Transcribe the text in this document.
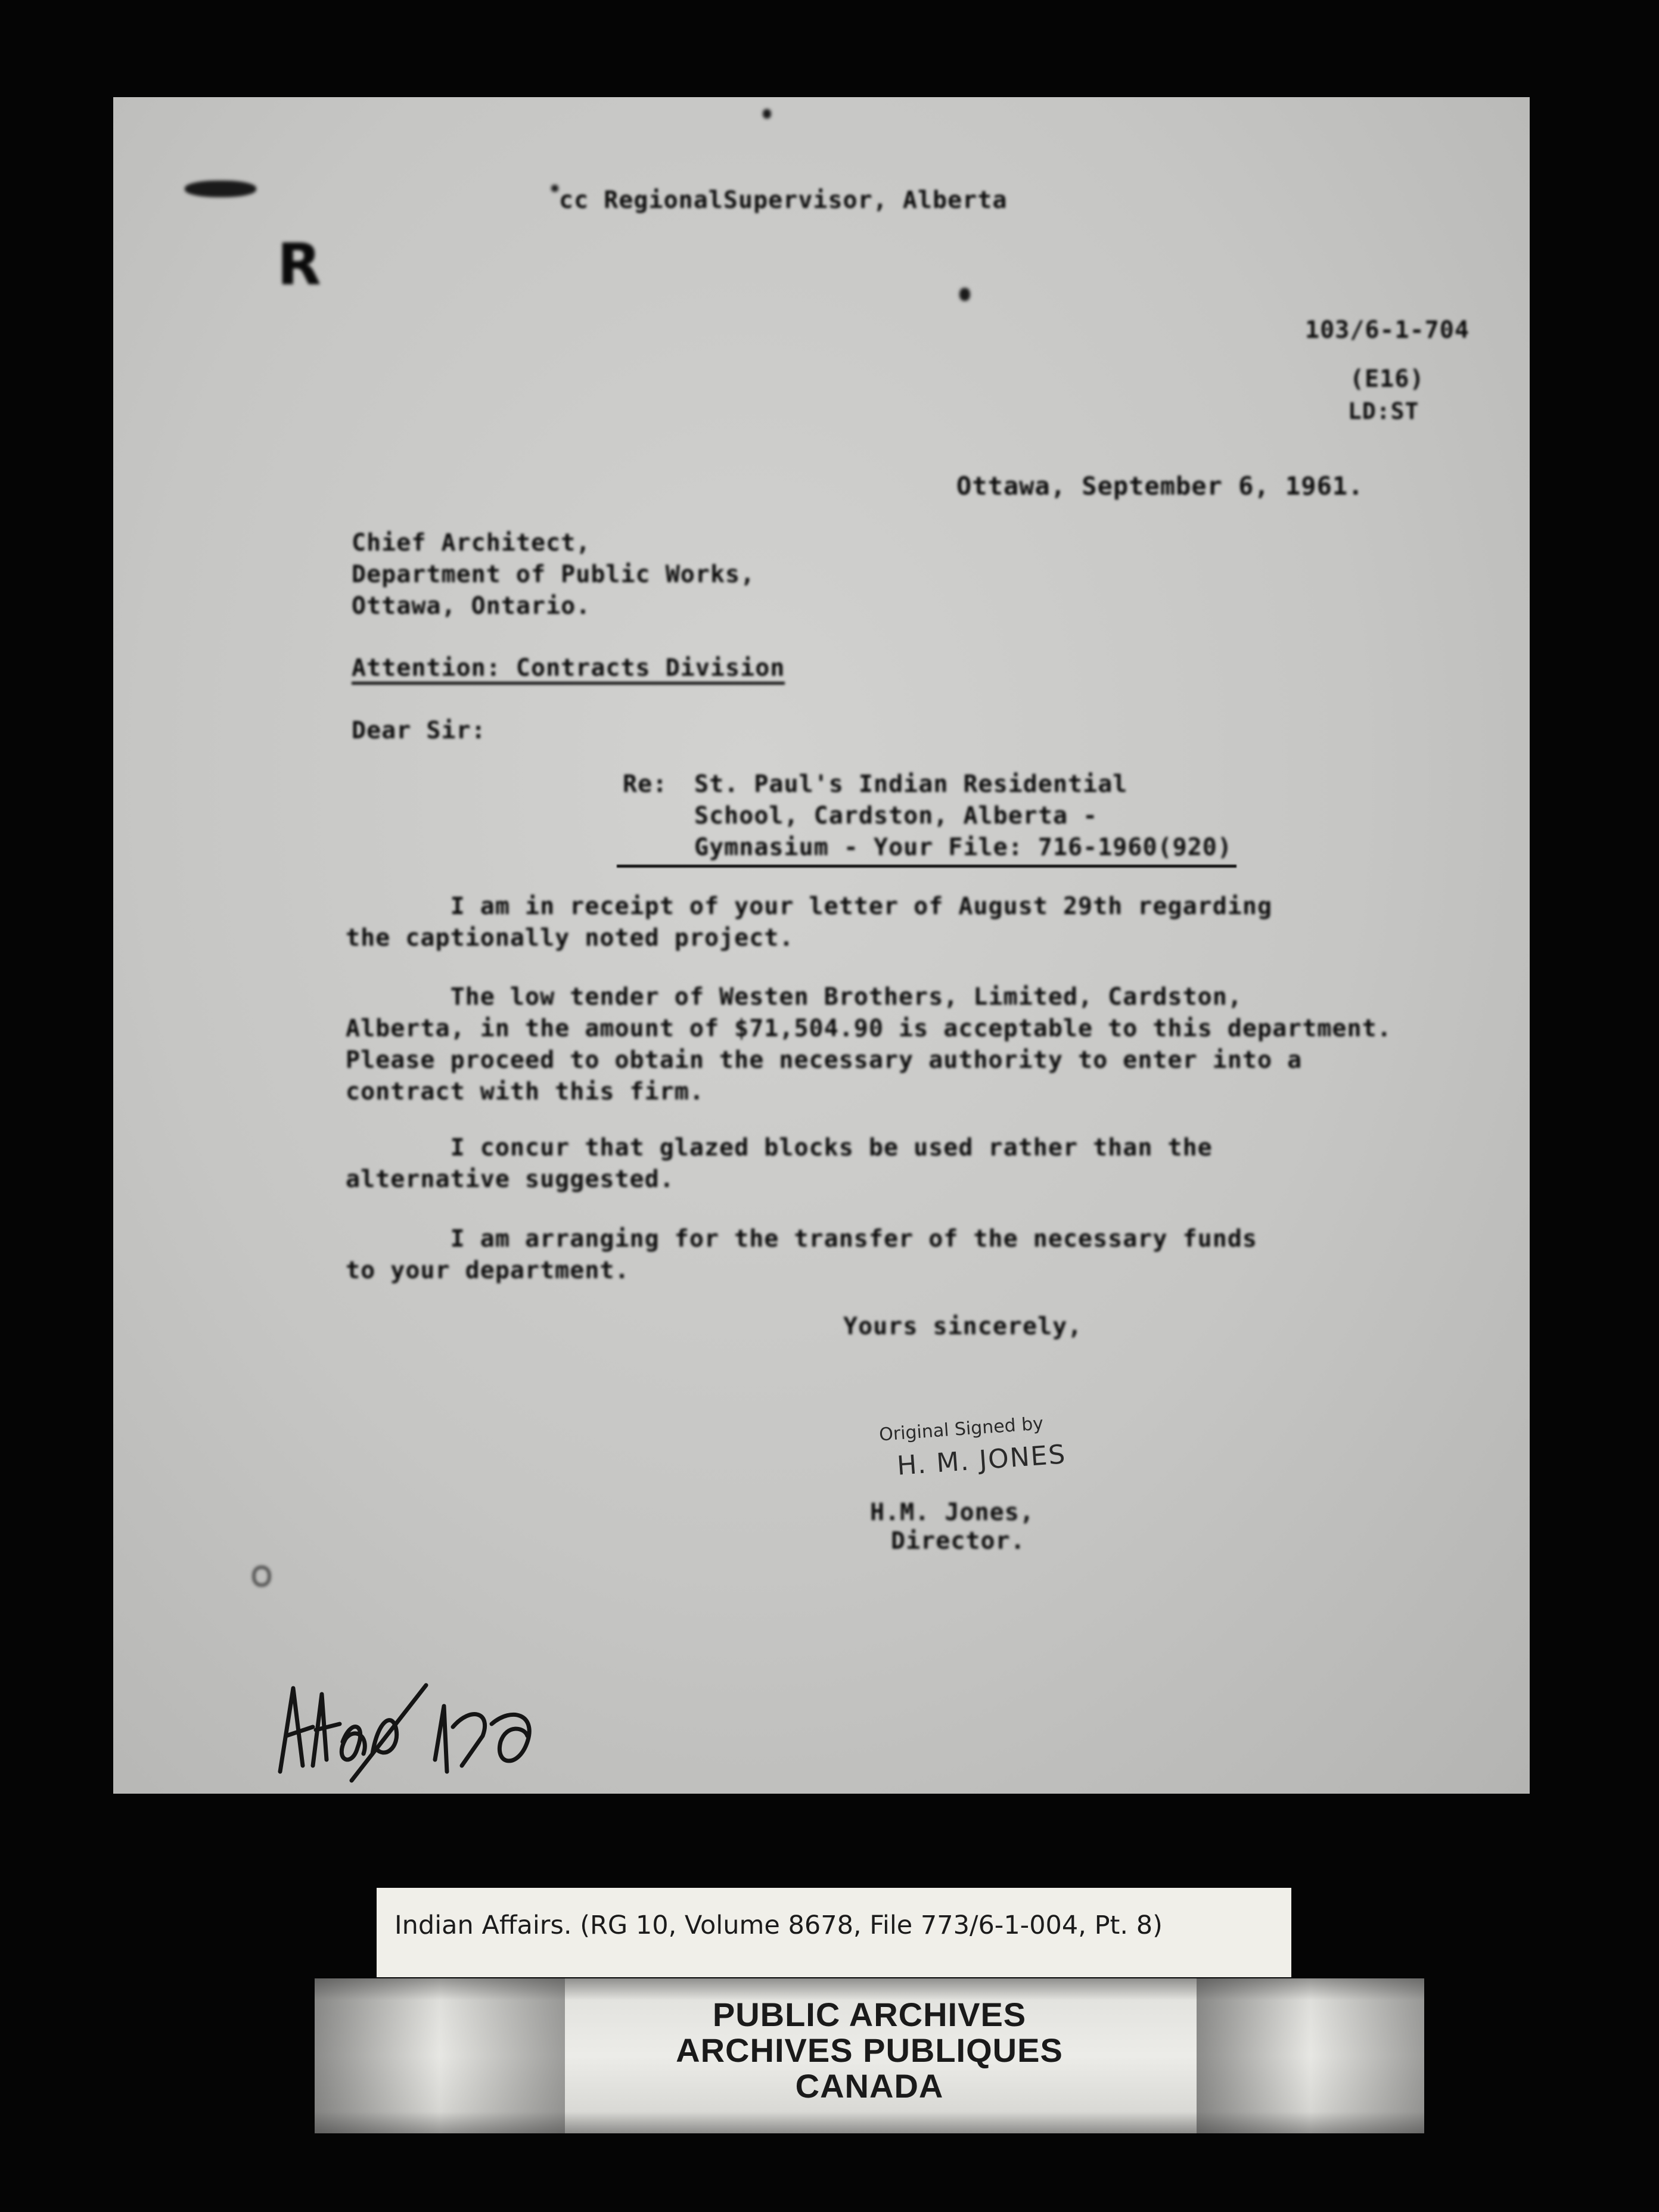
cc RegionalSupervisor, Alberta
R
103/6-1-704
(E16)
LD:ST
Ottawa, September 6, 1961.
Chief Architect,
Department of Public Works,
Ottawa, Ontario.
Attention: Contracts Division
Dear Sir:
Re: St. Paul's Indian Residential
School, Cardston, Alberta -
Gymnasium - Your File: 716-1960(920)
I am in receipt of your letter of August 29th regarding
the captionally noted project.
The low tender of Westen Brothers, Limited, Cardston,
Alberta, in the amount of $71,504.90 is acceptable to this department.
Please proceed to obtain the necessary authority to enter into a
contract with this firm.
I concur that glazed blocks be used rather than the
alternative suggested.
I am arranging for the transfer of the necessary funds
to your department.
Yours sincerely,
Original Signed by
H. M. JONES
H.M. Jones,
Director.
Indian Affairs. (RG 10, Volume 8678, File 773/6-1-004, Pt. 8)
PUBLIC ARCHIVES
ARCHIVES PUBLIQUES
CANADA
